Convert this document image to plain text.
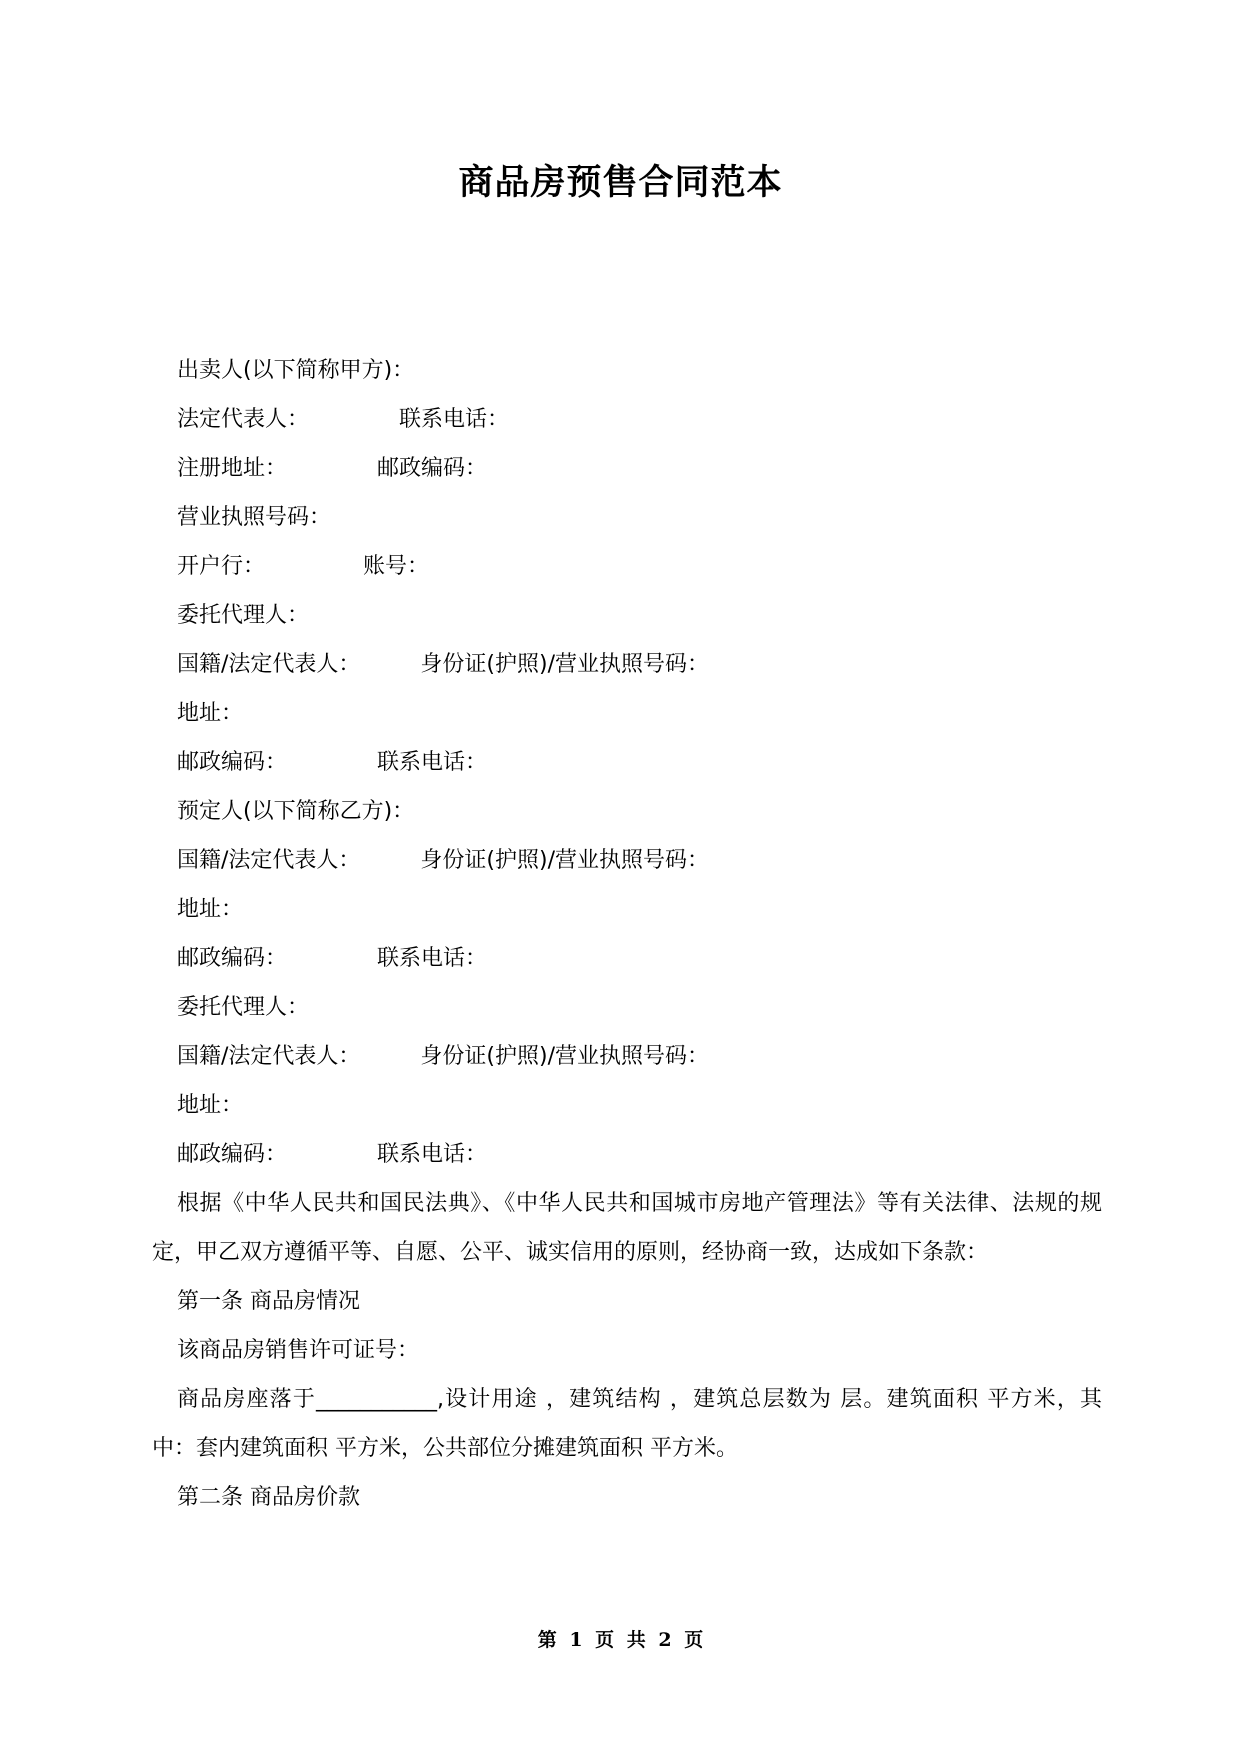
商品房预售合同范本
出卖人(以下简称甲方)：
法定代表人：	联系电话：
注册地址：	邮政编码：
营业执照号码：
开户行：	账号：
委托代理人：
国籍/法定代表人：	身份证(护照)/营业执照号码：
地址：
邮政编码：	联系电话：
预定人(以下简称乙方)：
国籍/法定代表人：	身份证(护照)/营业执照号码：
地址：
邮政编码：	联系电话：
委托代理人：
国籍/法定代表人：	身份证(护照)/营业执照号码：
地址：
邮政编码：	联系电话：
根据《中华人民共和国民法典》、《中华人民共和国城市房地产管理法》等有关法律、法规的规定，甲乙双方遵循平等、自愿、公平、诚实信用的原则，经协商一致，达成如下条款：
第一条 商品房情况
该商品房销售许可证号：
商品房座落于___________,设计用途 ，建筑结构 ，建筑总层数为 层。建筑面积 平方米，其中：套内建筑面积 平方米，公共部位分摊建筑面积 平方米。
第二条 商品房价款
第 1 页 共 2 页
